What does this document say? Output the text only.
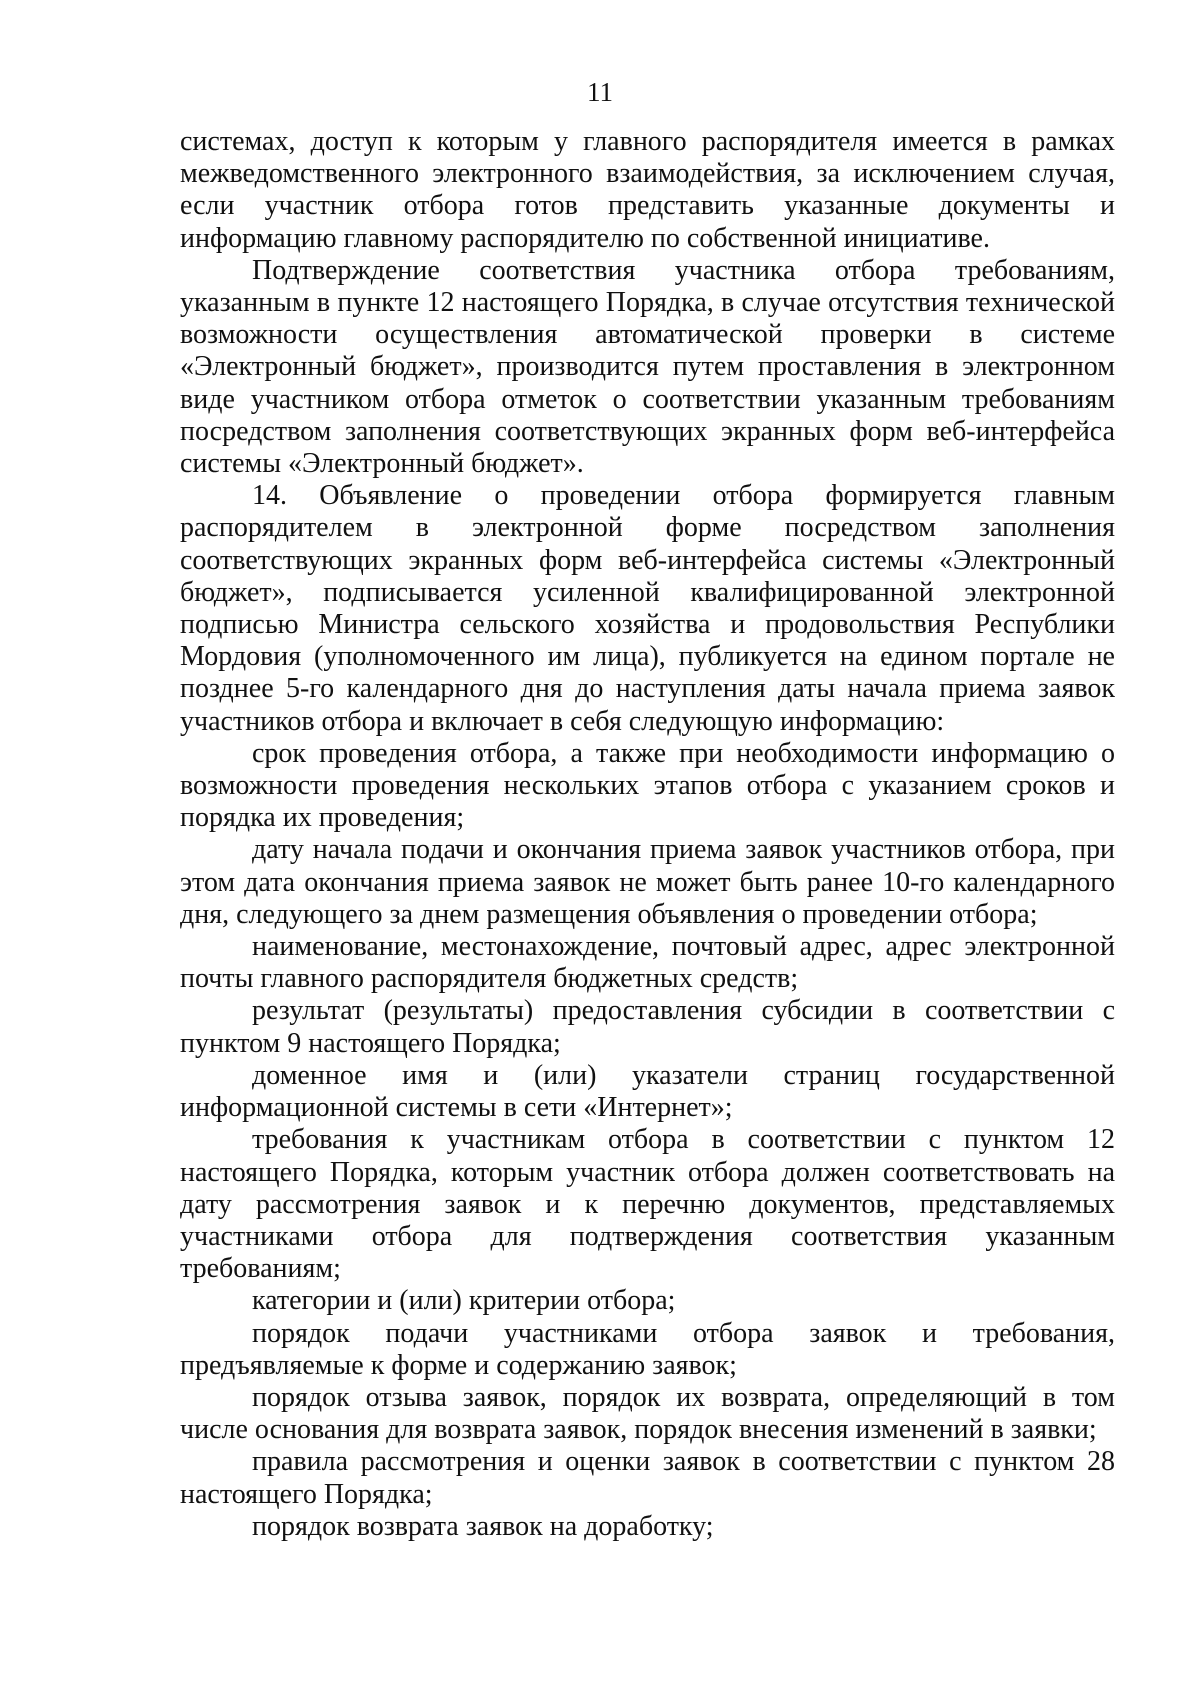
11

системах, доступ к которым у главного распорядителя имеется в рамках межведомственного электронного взаимодействия, за исключением случая, если участник отбора готов представить указанные документы и информацию главному распорядителю по собственной инициативе.

Подтверждение соответствия участника отбора требованиям, указанным в пункте 12 настоящего Порядка, в случае отсутствия технической возможности осуществления автоматической проверки в системе «Электронный бюджет», производится путем проставления в электронном виде участником отбора отметок о соответствии указанным требованиям посредством заполнения соответствующих экранных форм веб-интерфейса системы «Электронный бюджет».

14. Объявление о проведении отбора формируется главным распорядителем в электронной форме посредством заполнения соответствующих экранных форм веб-интерфейса системы «Электронный бюджет», подписывается усиленной квалифицированной электронной подписью Министра сельского хозяйства и продовольствия Республики Мордовия (уполномоченного им лица), публикуется на едином портале не позднее 5-го календарного дня до наступления даты начала приема заявок участников отбора и включает в себя следующую информацию:

срок проведения отбора, а также при необходимости информацию о возможности проведения нескольких этапов отбора с указанием сроков и порядка их проведения;

дату начала подачи и окончания приема заявок участников отбора, при этом дата окончания приема заявок не может быть ранее 10-го календарного дня, следующего за днем размещения объявления о проведении отбора;

наименование, местонахождение, почтовый адрес, адрес электронной почты главного распорядителя бюджетных средств;

результат (результаты) предоставления субсидии в соответствии с пунктом 9 настоящего Порядка;

доменное имя и (или) указатели страниц государственной информационной системы в сети «Интернет»;

требования к участникам отбора в соответствии с пунктом 12 настоящего Порядка, которым участник отбора должен соответствовать на дату рассмотрения заявок и к перечню документов, представляемых участниками отбора для подтверждения соответствия указанным требованиям;

категории и (или) критерии отбора;

порядок подачи участниками отбора заявок и требования, предъявляемые к форме и содержанию заявок;

порядок отзыва заявок, порядок их возврата, определяющий в том числе основания для возврата заявок, порядок внесения изменений в заявки;

правила рассмотрения и оценки заявок в соответствии с пунктом 28 настоящего Порядка;

порядок возврата заявок на доработку;
